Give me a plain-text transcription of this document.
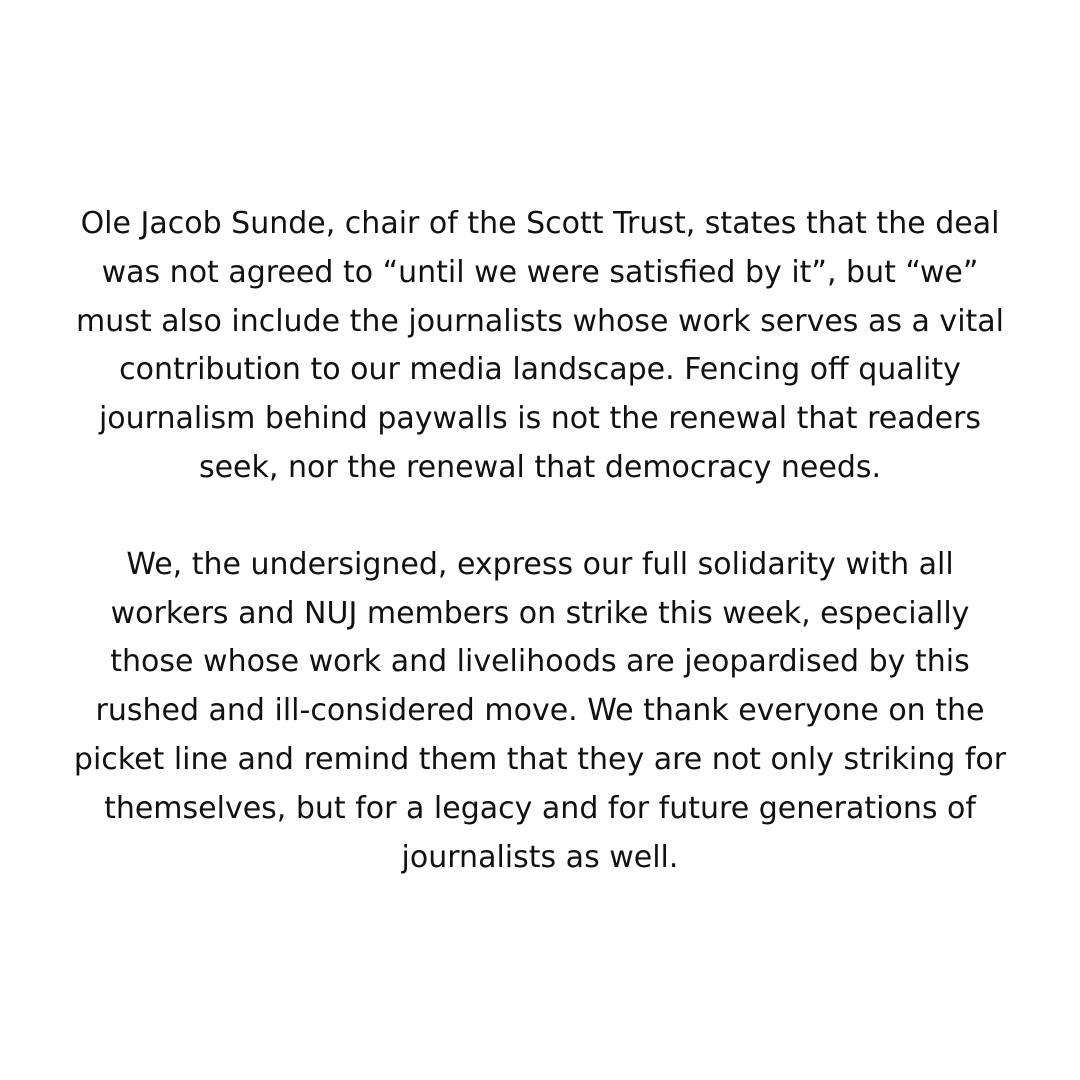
Ole Jacob Sunde, chair of the Scott Trust, states that the deal
was not agreed to “until we were satisfied by it”, but “we”
must also include the journalists whose work serves as a vital
contribution to our media landscape. Fencing off quality
journalism behind paywalls is not the renewal that readers
seek, nor the renewal that democracy needs.

We, the undersigned, express our full solidarity with all
workers and NUJ members on strike this week, especially
those whose work and livelihoods are jeopardised by this
rushed and ill-considered move. We thank everyone on the
picket line and remind them that they are not only striking for
themselves, but for a legacy and for future generations of
journalists as well.
